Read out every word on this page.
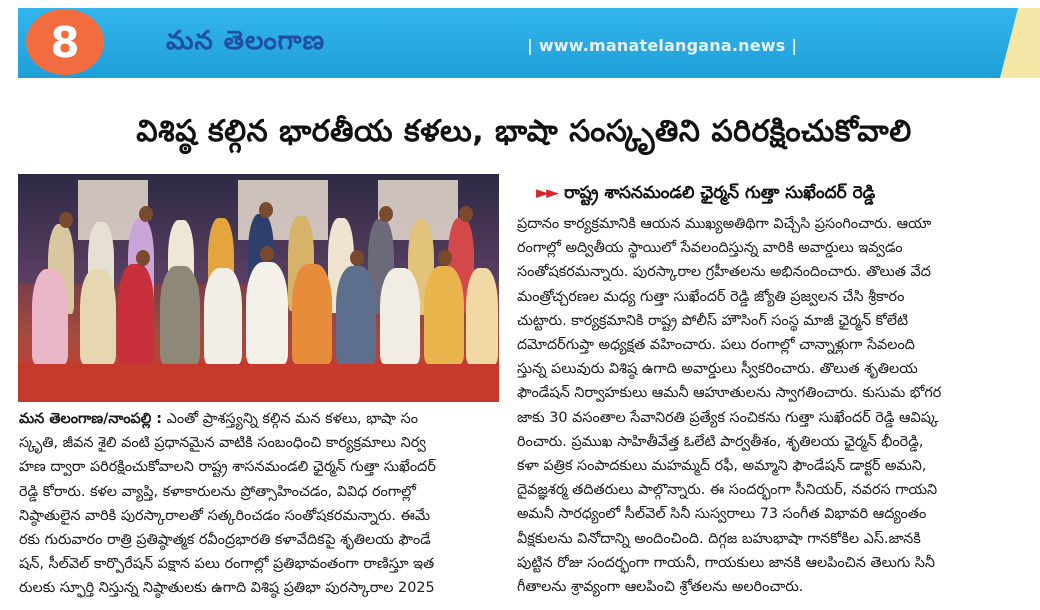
8	మన తెలంగాణ	| www.manatelangana.news |
విశిష్ఠ కల్గిన భారతీయ కళలు, భాషా సంస్కృతిని పరిరక్షించుకోవాలి
►► రాష్ట్ర శాసనమండలి ఛైర్మన్ గుత్తా సుఖేందర్ రెడ్డి
ప్రదానం కార్యక్రమానికి ఆయన ముఖ్యఅతిథిగా విచ్చేసి ప్రసంగించారు. ఆయా
రంగాల్లో అద్వితీయ స్థాయిలో సేవలందిస్తున్న వారికి అవార్డులు ఇవ్వడం
సంతోషకరమన్నారు. పురస్కారాల గ్రహీతలను అభినందించారు. తొలుత వేద
మంత్రోచ్చరణల మధ్య గుత్తా సుఖేందర్ రెడ్డి జ్యోతి ప్రజ్వలన చేసి శ్రీకారం
చుట్టారు. కార్యక్రమానికి రాష్ట్ర పోలీస్ హౌసింగ్ సంస్థ మాజీ ఛైర్మన్ కోలేటి
దమోదర్‌గుప్తా అధ్యక్షత వహించారు. పలు రంగాల్లో చాన్నాళ్లుగా సేవలంది
స్తున్న పలువురు విశిష్ఠ ఉగాది అవార్డులు స్వీకరించారు. తొలుత శృతిలయ
ఫౌండేషన్ నిర్వాహకులు ఆమనీ ఆహూతులను స్వాగతించారు. కుసుమ భోగర
జాకు 30 వసంతాల సేవానిరతి ప్రత్యేక సంచికను గుత్తా సుఖేందర్ రెడ్డి ఆవిష్క
రించారు. ప్రముఖ సాహితీవేత్త ఓలేటి పార్వతీశం, శృతిలయ ఛైర్మన్ భీంరెడ్డి,
కళా పత్రిక సంపాదకులు మహమ్మద్ రఫీ, అమ్మాని ఫౌండేషన్ డాక్టర్ అమని,
దైవజ్ఞశర్మ తదితరులు పాల్గొన్నారు. ఈ సందర్భంగా సీనియర్, నవరస గాయని
అమనీ సారధ్యంలో సీల్‌వెల్ సినీ సుస్వరాలు 73 సంగీత విభావరి ఆద్యంతం
వీక్షకులను వినోదాన్ని అందించింది. దిగ్గజ బహుభాషా గానకోకిల ఎస్.జానకి
పుట్టిన రోజు సందర్భంగా గాయనీ, గాయకులు జానకి ఆలపించిన తెలుగు సినీ
గీతాలను శ్రావ్యంగా ఆలపించి శ్రోతలను అలరించారు.
మన తెలంగాణ/నాంపల్లి : ఎంతో ప్రాశస్త్యన్ని కల్గిన మన కళలు, భాషా సం
స్కృతి, జీవన శైలి వంటి ప్రధానమైన వాటికి సంబంధించి కార్యక్రమాలు నిర్వ
హణ ద్వారా పరిరక్షించుకోవాలని రాష్ట్ర శాసనమండలి ఛైర్మన్ గుత్తా సుఖేందర్
రెడ్డి కోరారు. కళల వ్యాప్తి, కళాకారులను ప్రోత్సాహించడం, వివిధ రంగాల్లో
నిష్ఠాతులైన వారికి పురస్కారాలతో సత్కరించడం సంతోషకరమన్నారు. ఈమే
రకు గురువారం రాత్రి ప్రతిష్ఠాత్మక రవీంద్రభారతి కళావేదికపై శృతిలయ ఫౌండే
షన్, సీల్‌వెల్ కార్పొరేషన్ పక్షాన పలు రంగాల్లో ప్రతిభావంతంగా రాణిస్తూ ఇత
రులకు స్ఫూర్తి నిస్తున్న నిష్ఠాతులకు ఉగాది విశిష్ఠ ప్రతిభా పురస్కారాల 2025
